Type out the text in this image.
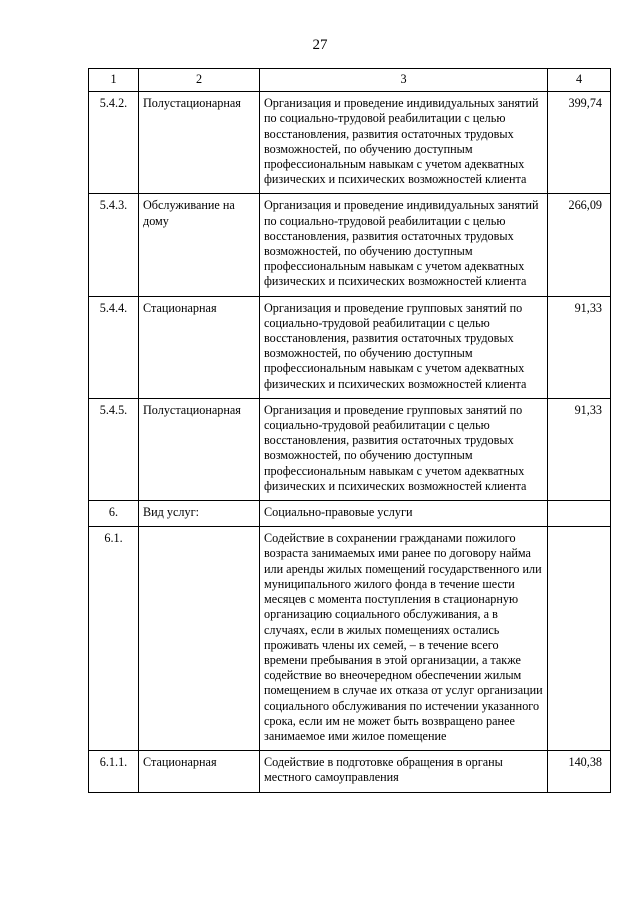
27
1	2	3	4
5.4.2.	Полустационарная	Организация и проведение индивидуальных занятий по социально-трудовой реабилитации с целью восстановления, развития остаточных трудовых возможностей, по обучению доступным профессиональным навыкам с учетом адекватных физических и психических возможностей клиента	399,74
5.4.3.	Обслуживание на дому	Организация и проведение индивидуальных занятий по социально-трудовой реабилитации с целью восстановления, развития остаточных трудовых возможностей, по обучению доступным профессиональным навыкам с учетом адекватных физических и психических возможностей клиента	266,09
5.4.4.	Стационарная	Организация и проведение групповых занятий по социально-трудовой реабилитации с целью восстановления, развития остаточных трудовых возможностей, по обучению доступным профессиональным навыкам с учетом адекватных физических и психических возможностей клиента	91,33
5.4.5.	Полустационарная	Организация и проведение групповых занятий по социально-трудовой реабилитации с целью восстановления, развития остаточных трудовых возможностей, по обучению доступным профессиональным навыкам с учетом адекватных физических и психических возможностей клиента	91,33
6.	Вид услуг:	Социально-правовые услуги	
6.1.		Содействие в сохранении гражданами пожилого возраста занимаемых ими ранее по договору найма или аренды жилых помещений государственного или муниципального жилого фонда в течение шести месяцев с момента поступления в стационарную организацию социального обслуживания, а в случаях, если в жилых помещениях остались проживать члены их семей, – в течение всего времени пребывания в этой организации, а также содействие во внеочередном обеспечении жилым помещением в случае их отказа от услуг организации социального обслуживания по истечении указанного срока, если им не может быть возвращено ранее занимаемое ими жилое помещение	
6.1.1.	Стационарная	Содействие в подготовке обращения в органы местного самоуправления	140,38
